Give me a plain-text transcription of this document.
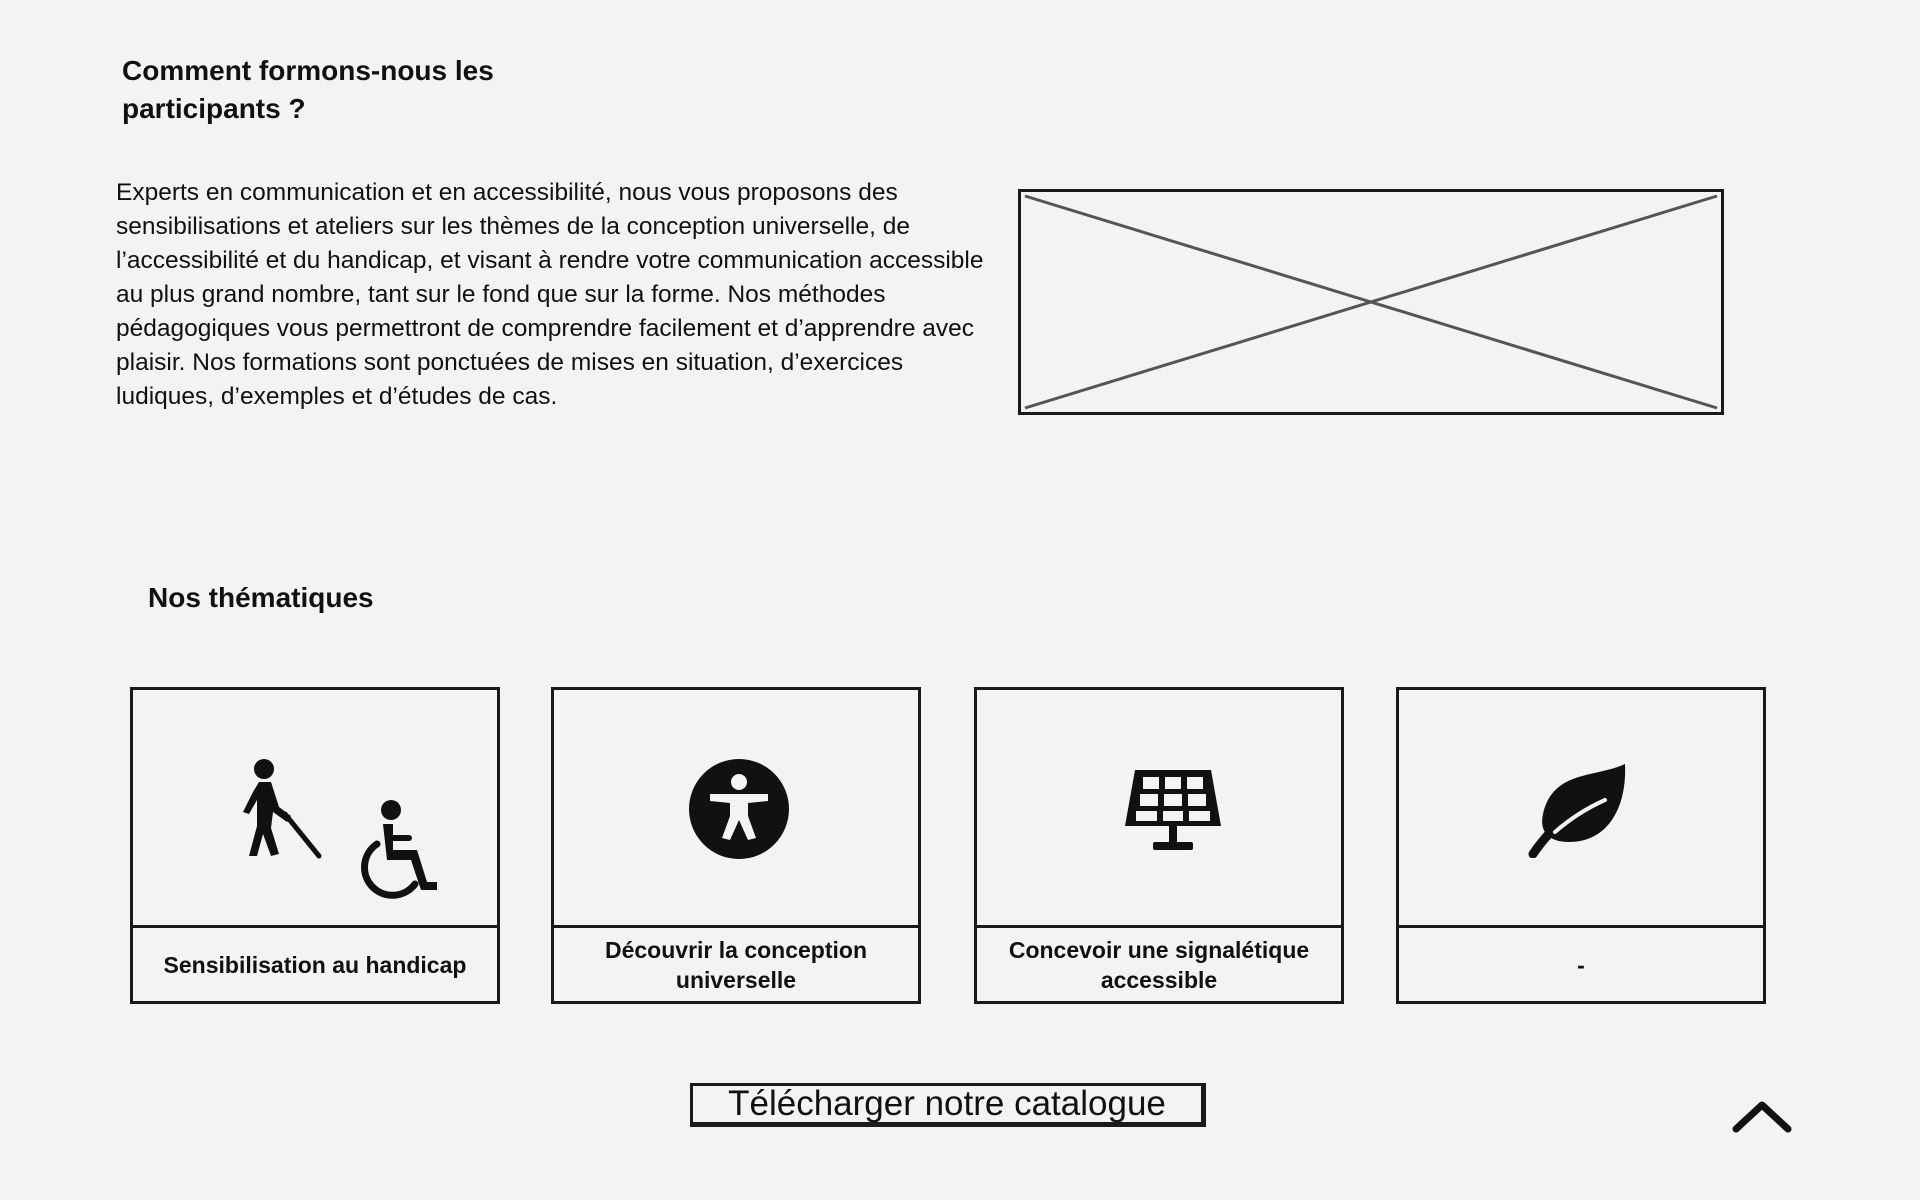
Comment formons-nous les participants ?

Experts en communication et en accessibilité, nous vous proposons des sensibilisations et ateliers sur les thèmes de la conception universelle, de l’accessibilité et du handicap, et visant à rendre votre communication accessible au plus grand nombre, tant sur le fond que sur la forme. Nos méthodes pédagogiques vous permettront de comprendre facilement et d’apprendre avec plaisir. Nos formations sont ponctuées de mises en situation, d’exercices ludiques, d’exemples et d’études de cas.

Nos thématiques
Sensibilisation au handicap
Découvrir la conception universelle
Concevoir une signalétique accessible
-
Télécharger notre catalogue
